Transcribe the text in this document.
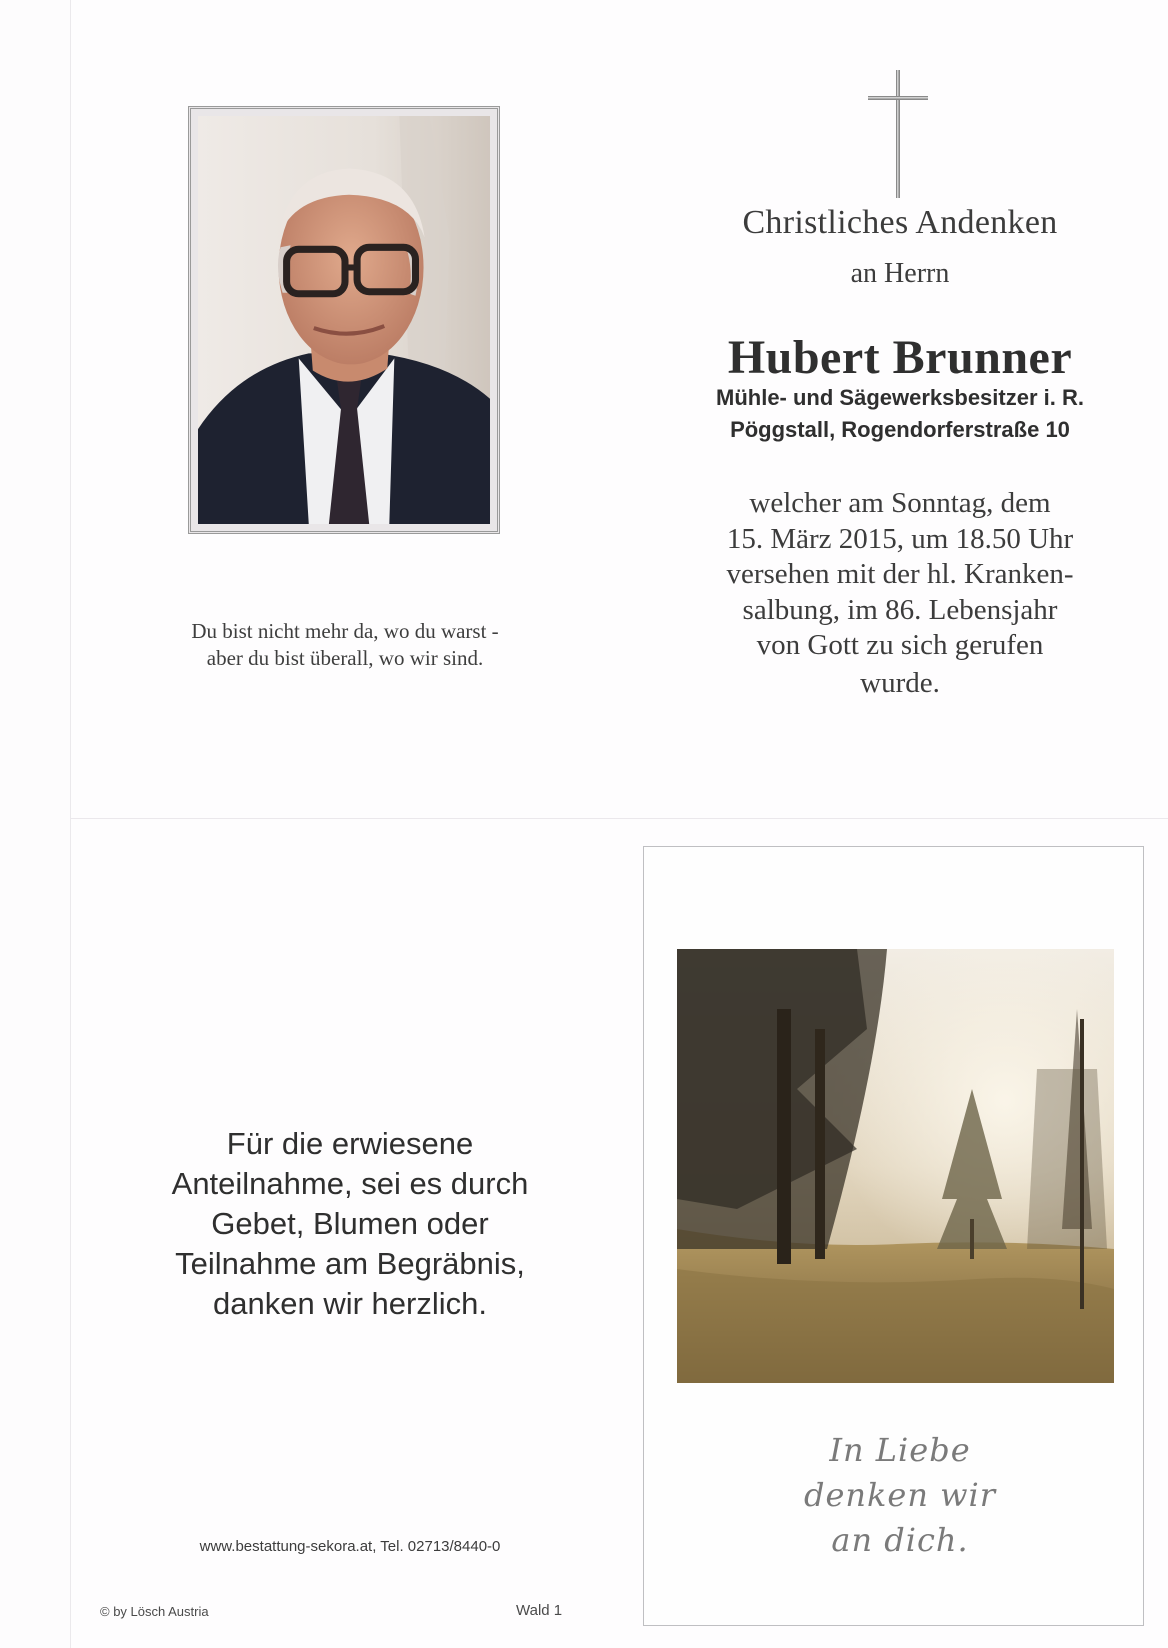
Christliches Andenken
an Herrn
Hubert Brunner
Mühle- und Sägewerksbesitzer i. R.
Pöggstall, Rogendorferstraße 10
welcher am Sonntag, dem
15. März 2015, um 18.50 Uhr
versehen mit der hl. Kranken-
salbung, im 86. Lebensjahr
von Gott zu sich gerufen
wurde.
Du bist nicht mehr da, wo du warst -
aber du bist überall, wo wir sind.
Für die erwiesene
Anteilnahme, sei es durch
Gebet, Blumen oder
Teilnahme am Begräbnis,
danken wir herzlich.
www.bestattung-sekora.at, Tel. 02713/8440-0
© by Lösch Austria	Wald 1
In Liebe
denken wir
an dich.
